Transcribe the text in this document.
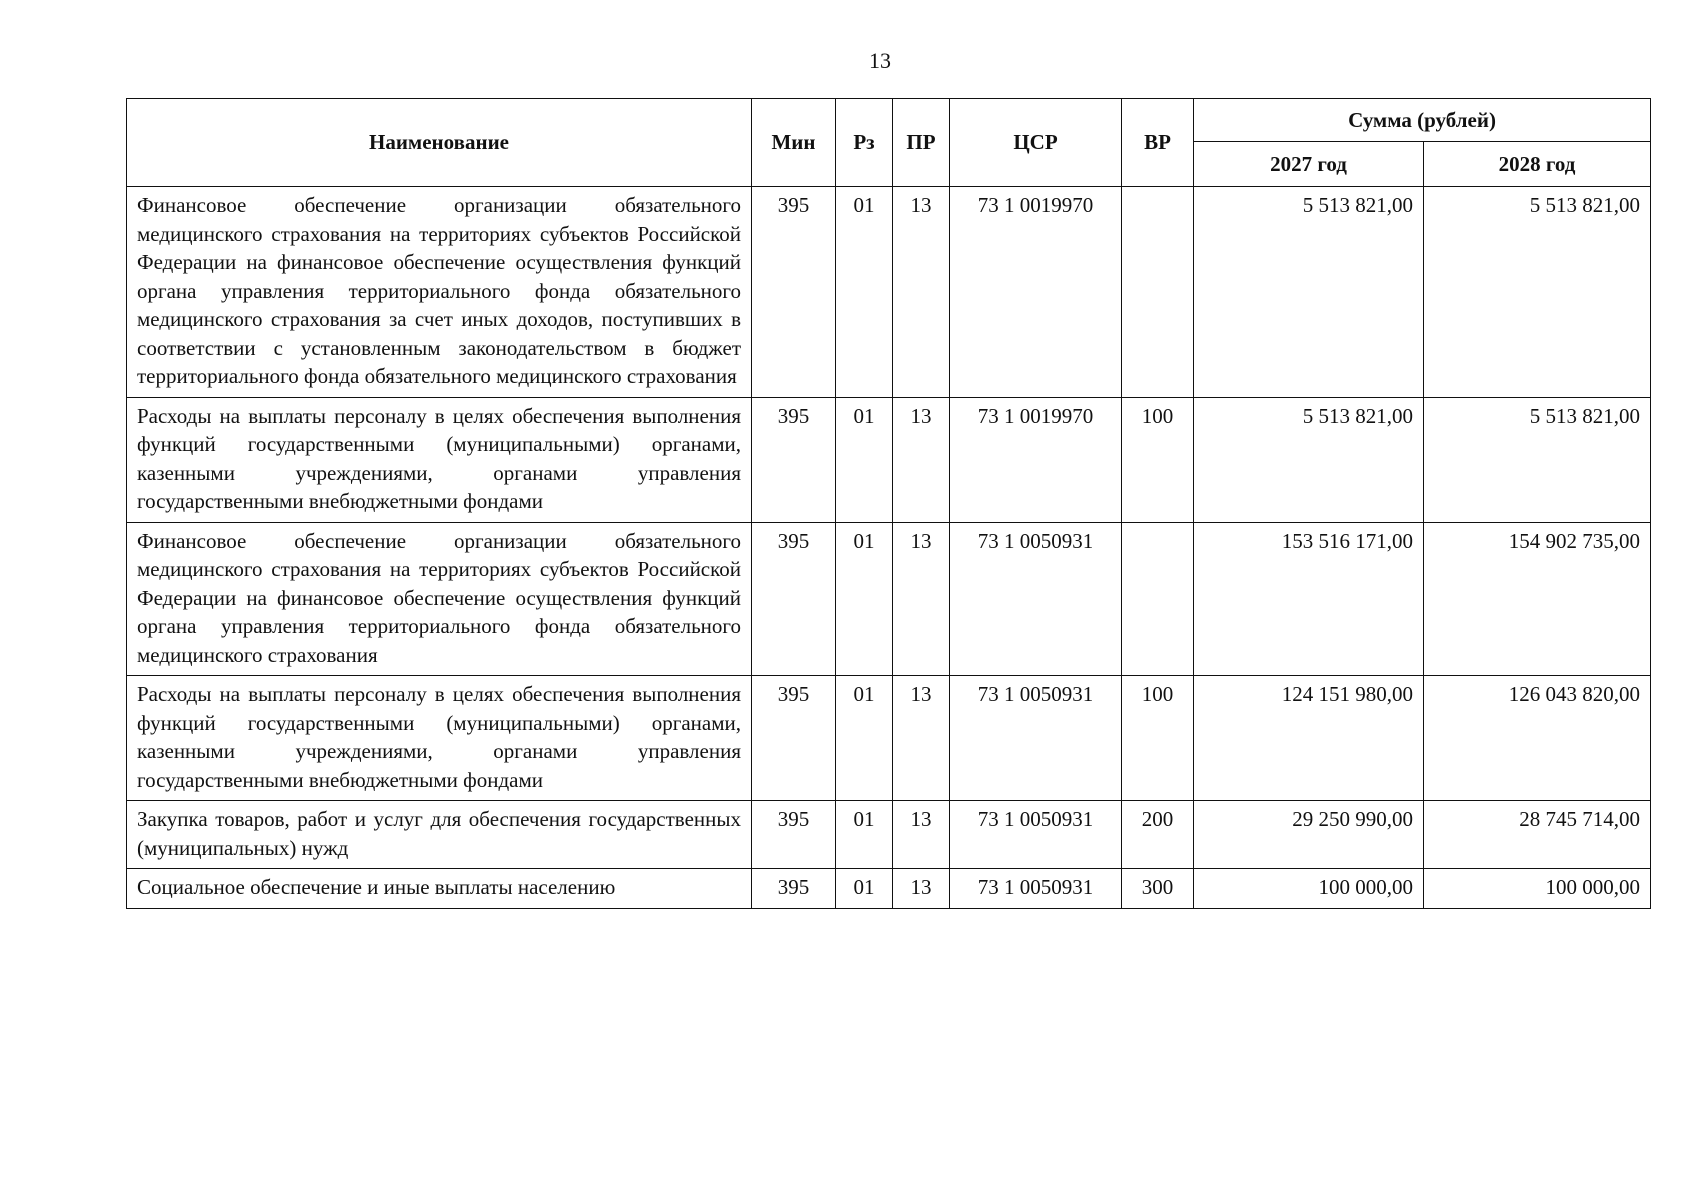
13
Наименование	Мин	Рз	ПР	ЦСР	ВР	Сумма (рублей)	
						2027 год	2028 год
Финансовое обеспечение организации обязательного медицинского страхования на территориях субъектов Российской Федерации на финансовое обеспечение осуществления функций органа управления территориального фонда обязательного медицинского страхования за счет иных доходов, поступивших в соответствии с установленным законодательством в бюджет территориального фонда обязательного медицинского страхования	395	01	13	73 1 0019970		5 513 821,00	5 513 821,00
Расходы на выплаты персоналу в целях обеспечения выполнения функций государственными (муниципальными) органами, казенными учреждениями, органами управления государственными внебюджетными фондами	395	01	13	73 1 0019970	100	5 513 821,00	5 513 821,00
Финансовое обеспечение организации обязательного медицинского страхования на территориях субъектов Российской Федерации на финансовое обеспечение осуществления функций органа управления территориального фонда обязательного медицинского страхования	395	01	13	73 1 0050931		153 516 171,00	154 902 735,00
Расходы на выплаты персоналу в целях обеспечения выполнения функций государственными (муниципальными) органами, казенными учреждениями, органами управления государственными внебюджетными фондами	395	01	13	73 1 0050931	100	124 151 980,00	126 043 820,00
Закупка товаров, работ и услуг для обеспечения государственных (муниципальных) нужд	395	01	13	73 1 0050931	200	29 250 990,00	28 745 714,00
Социальное обеспечение и иные выплаты населению	395	01	13	73 1 0050931	300	100 000,00	100 000,00
